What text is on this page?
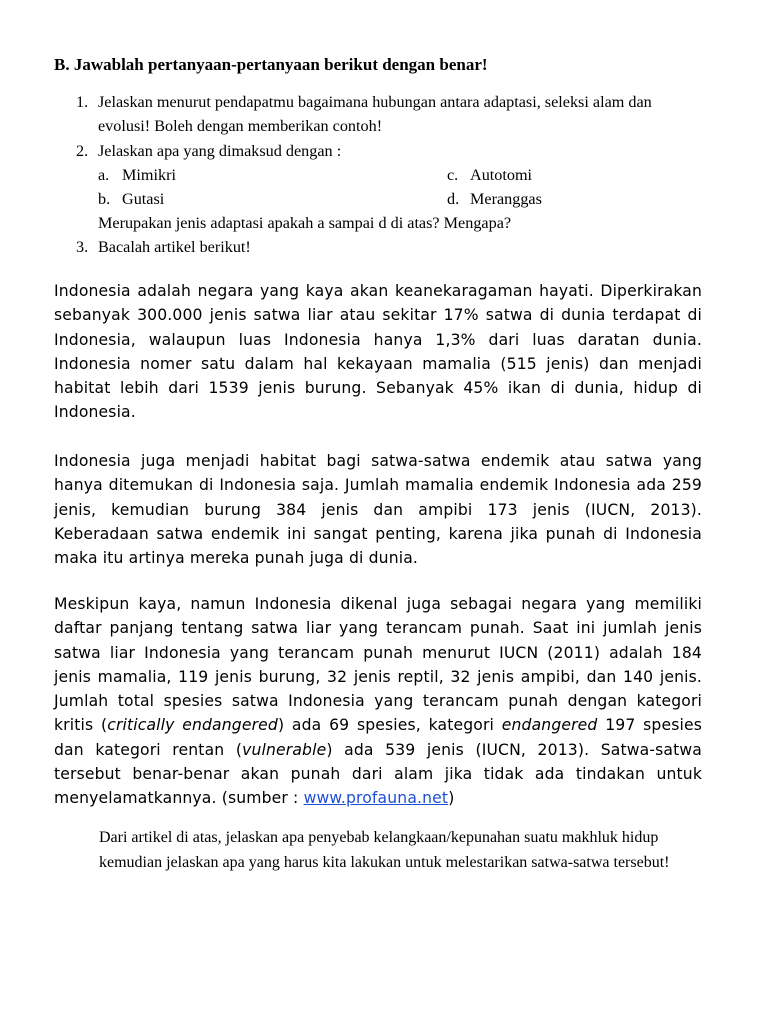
B. Jawablah pertanyaan-pertanyaan berikut dengan benar!
1. Jelaskan menurut pendapatmu bagaimana hubungan antara adaptasi, seleksi alam dan
evolusi! Boleh dengan memberikan contoh!
2. Jelaskan apa yang dimaksud dengan :
a. Mimikri	c. Autotomi
b. Gutasi	d. Meranggas
Merupakan jenis adaptasi apakah a sampai d di atas? Mengapa?
3. Bacalah artikel berikut!

Indonesia adalah negara yang kaya akan keanekaragaman hayati. Diperkirakan sebanyak 300.000 jenis satwa liar atau sekitar 17% satwa di dunia terdapat di Indonesia, walaupun luas Indonesia hanya 1,3% dari luas daratan dunia. Indonesia nomer satu dalam hal kekayaan mamalia (515 jenis) dan menjadi habitat lebih dari 1539 jenis burung. Sebanyak 45% ikan di dunia, hidup di Indonesia.

Indonesia juga menjadi habitat bagi satwa-satwa endemik atau satwa yang hanya ditemukan di Indonesia saja. Jumlah mamalia endemik Indonesia ada 259 jenis, kemudian burung 384 jenis dan ampibi 173 jenis (IUCN, 2013). Keberadaan satwa endemik ini sangat penting, karena jika punah di Indonesia maka itu artinya mereka punah juga di dunia.

Meskipun kaya, namun Indonesia dikenal juga sebagai negara yang memiliki daftar panjang tentang satwa liar yang terancam punah. Saat ini jumlah jenis satwa liar Indonesia yang terancam punah menurut IUCN (2011) adalah 184 jenis mamalia, 119 jenis burung, 32 jenis reptil, 32 jenis ampibi, dan 140 jenis. Jumlah total spesies satwa Indonesia yang terancam punah dengan kategori kritis (critically endangered) ada 69 spesies, kategori endangered 197 spesies dan kategori rentan (vulnerable) ada 539 jenis (IUCN, 2013). Satwa-satwa tersebut benar-benar akan punah dari alam jika tidak ada tindakan untuk menyelamatkannya. (sumber : www.profauna.net)

Dari artikel di atas, jelaskan apa penyebab kelangkaan/kepunahan suatu makhluk hidup kemudian jelaskan apa yang harus kita lakukan untuk melestarikan satwa-satwa tersebut!
